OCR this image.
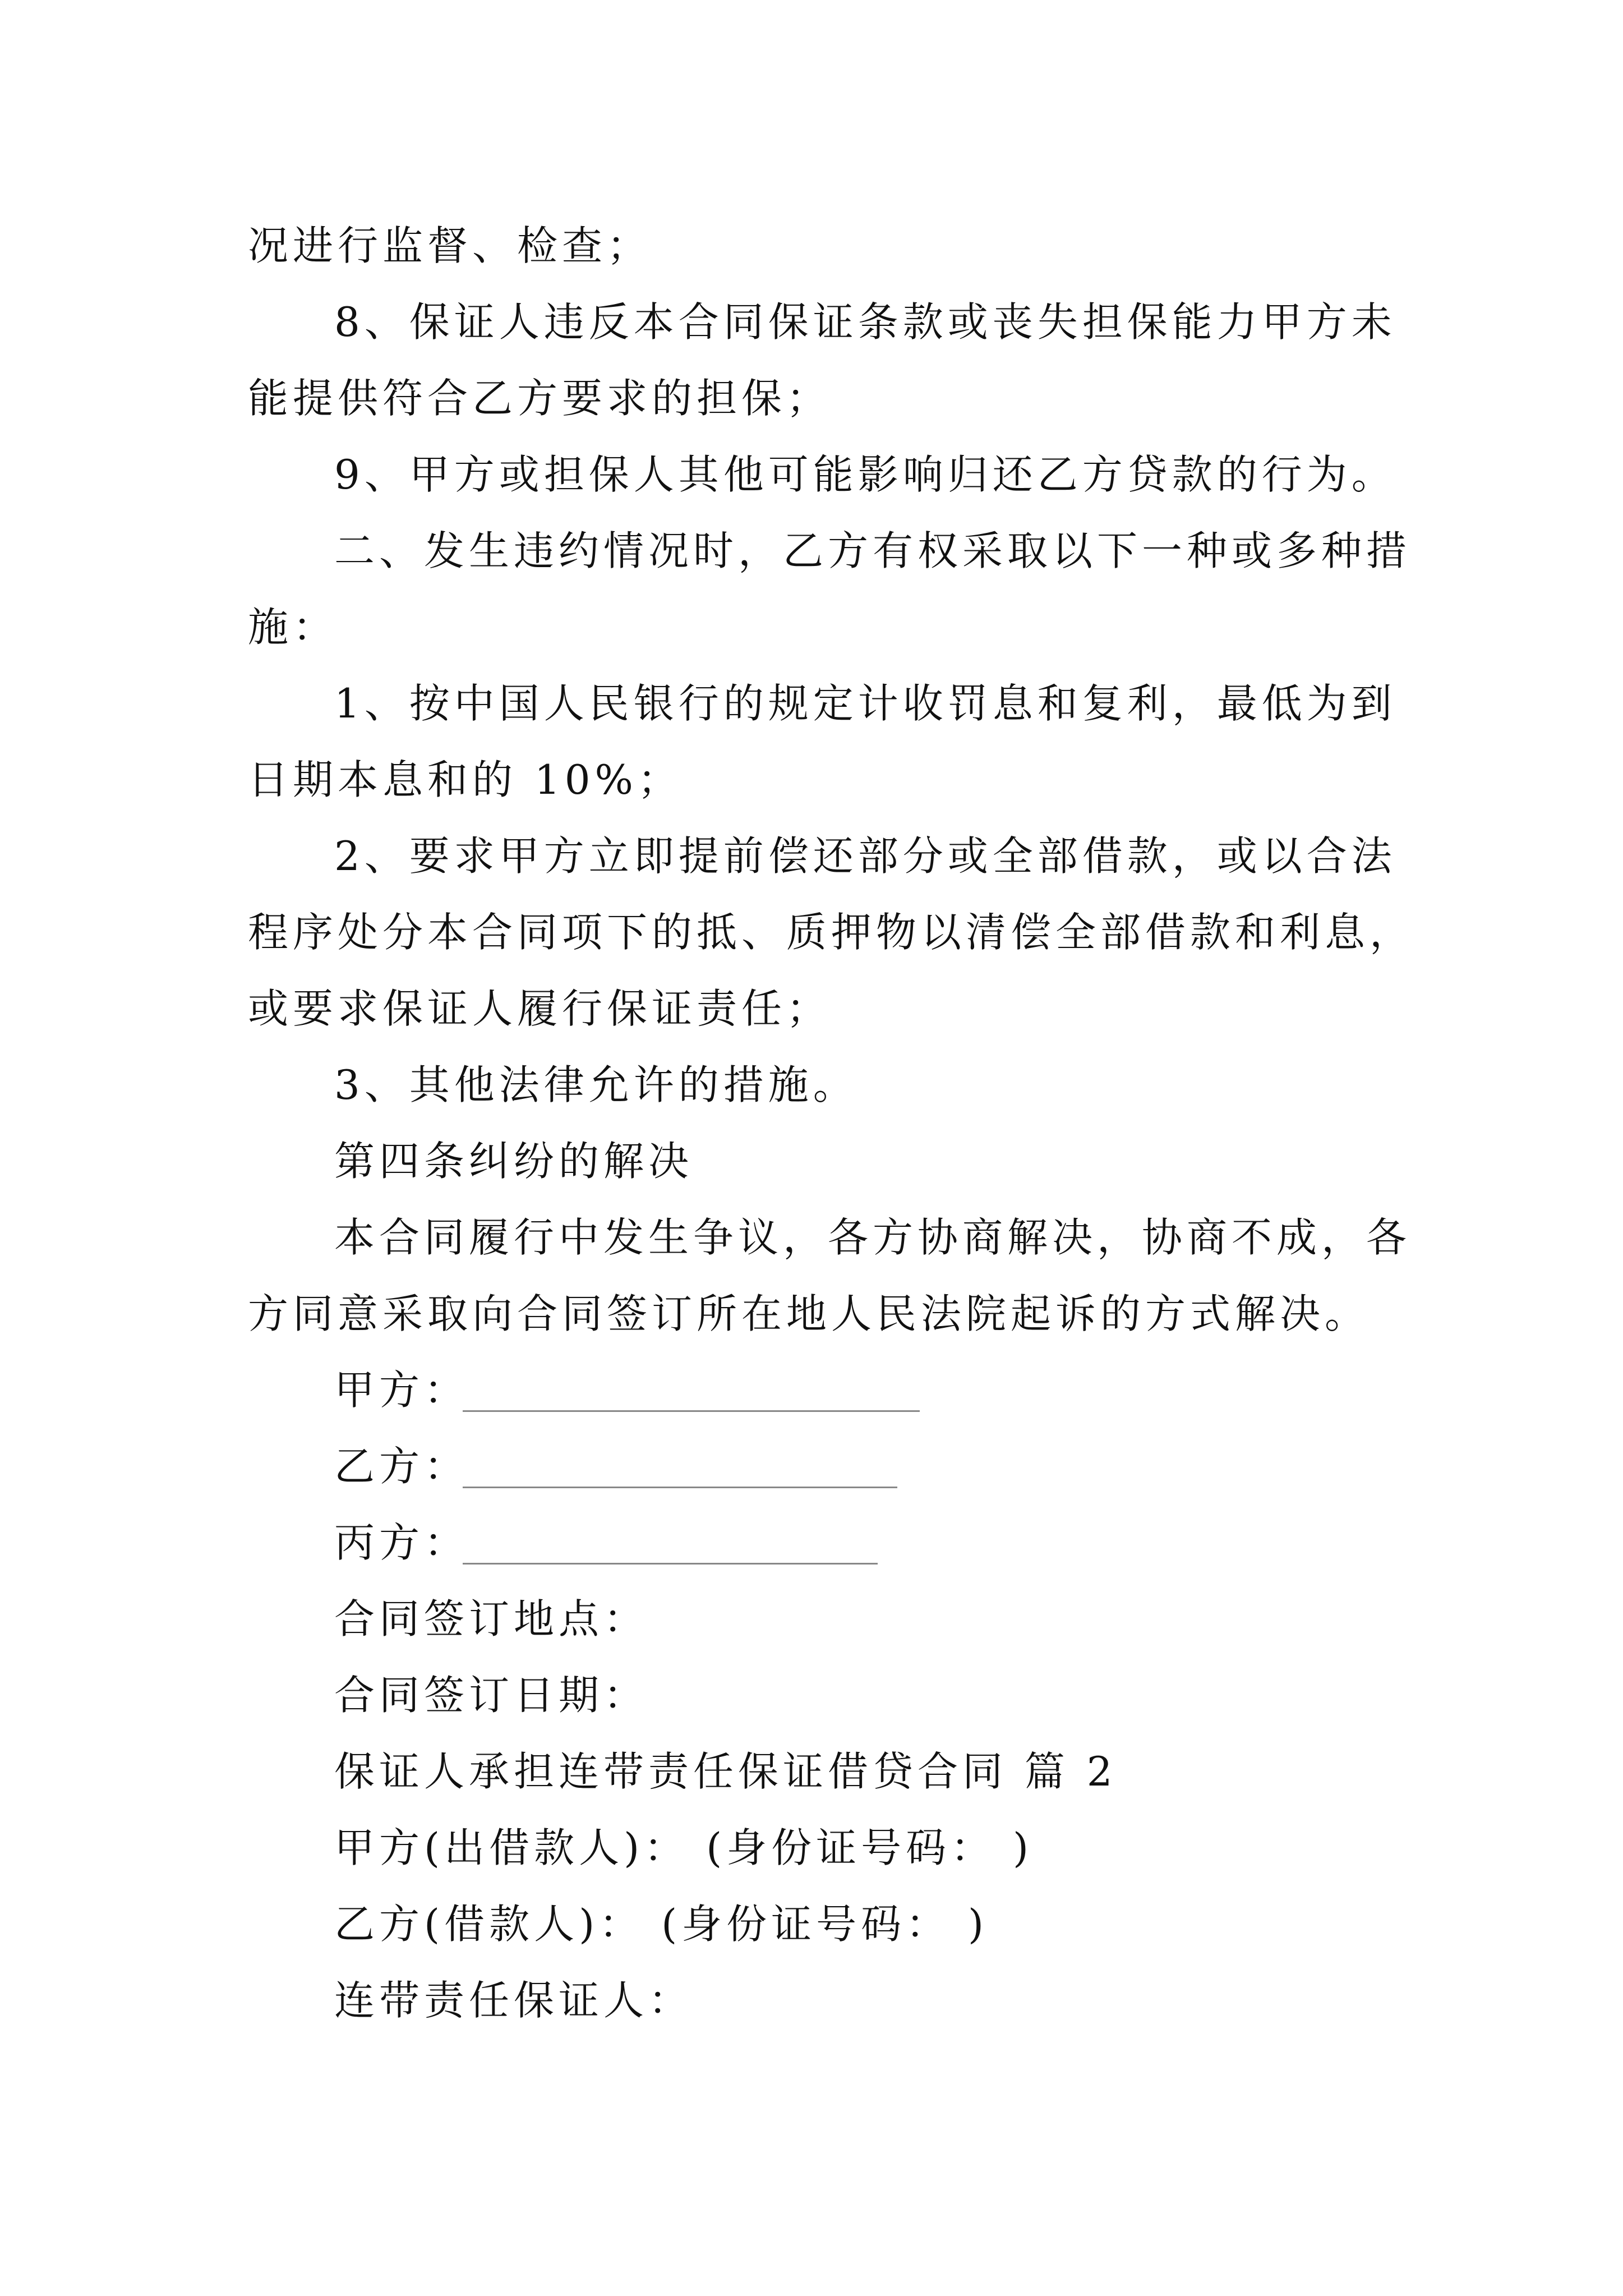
况进行监督、检查；
8、保证人违反本合同保证条款或丧失担保能力甲方未
能提供符合乙方要求的担保；
9、甲方或担保人其他可能影响归还乙方贷款的行为。
二、发生违约情况时，乙方有权采取以下一种或多种措
施：
1、按中国人民银行的规定计收罚息和复利，最低为到
日期本息和的 10%；
2、要求甲方立即提前偿还部分或全部借款，或以合法
程序处分本合同项下的抵、质押物以清偿全部借款和利息，
或要求保证人履行保证责任；
3、其他法律允许的措施。
第四条纠纷的解决
本合同履行中发生争议，各方协商解决，协商不成，各
方同意采取向合同签订所在地人民法院起诉的方式解决。
甲方：
乙方：
丙方：
合同签订地点：
合同签订日期：
保证人承担连带责任保证借贷合同 篇 2
甲方(出借款人)： (身份证号码： )
乙方(借款人)： (身份证号码： )
连带责任保证人：
